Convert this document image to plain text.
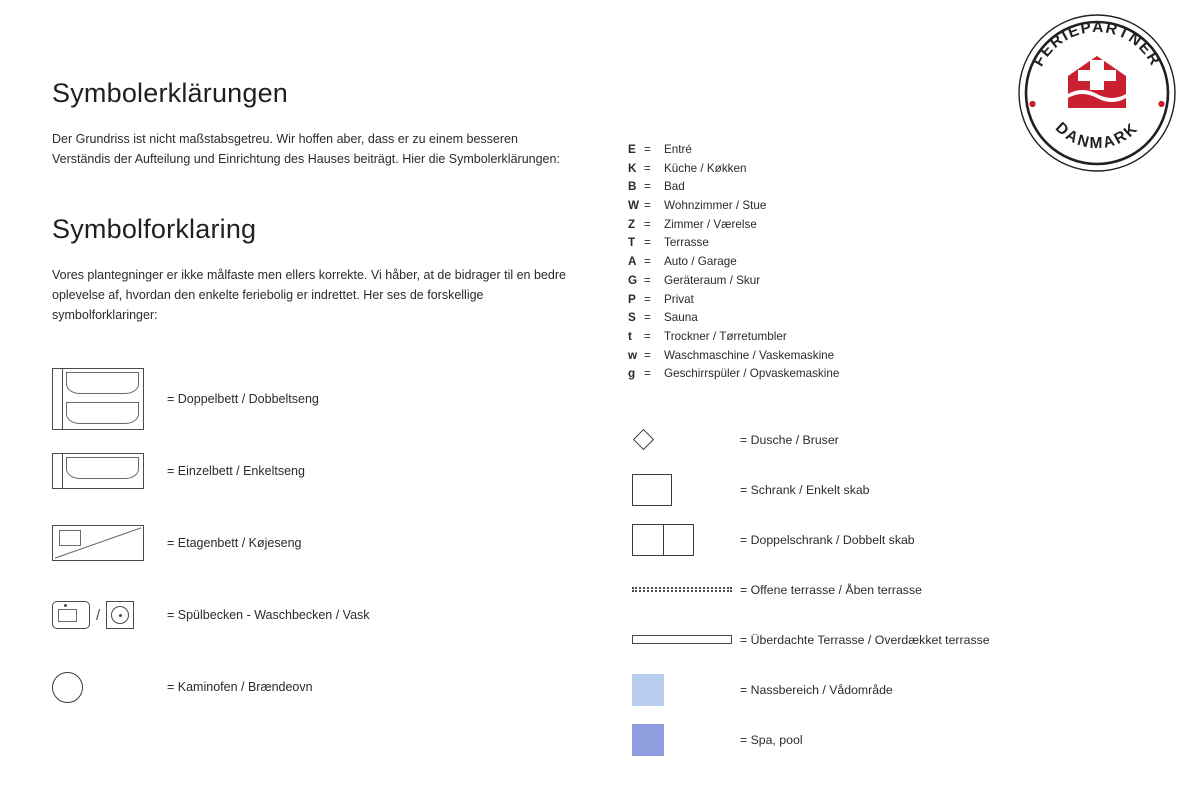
FERIEPARTNER
DANMARK
Symbolerklärungen

Der Grundriss ist nicht maßstabsgetreu. Wir hoffen aber, dass er zu einem besseren Verständis der Aufteilung und Einrichtung des Hauses beiträgt. Hier die Symbolerklärungen:

Symbolforklaring

Vores plantegninger er ikke målfaste men ellers korrekte. Vi håber, at de bidrager til en bedre oplevelse af, hvordan den enkelte feriebolig er indrettet. Her ses de forskellige symbolforklaringer:

= Doppelbett / Dobbeltseng
= Einzelbett / Enkeltseng
= Etagenbett / Køjeseng
/	= Spülbecken - Waschbecken / Vask
= Kaminofen / Brændeovn
E =	Entré
K =	Küche / Køkken
B =	Bad
W =	Wohnzimmer / Stue
Z =	Zimmer / Værelse
T =	Terrasse
A =	Auto / Garage
G =	Geräteraum / Skur
P =	Privat
S =	Sauna
t	=	Trockner / Tørretumbler
w =	Waschmaschine / Vaskemaskine
g =	Geschirrspüler / Opvaskemaskine
= Dusche / Bruser
= Schrank / Enkelt skab
= Doppelschrank / Dobbelt skab
= Offene terrasse / Åben terrasse
= Überdachte Terrasse / Overdækket terrasse
= Nassbereich / Vådområde
= Spa, pool
